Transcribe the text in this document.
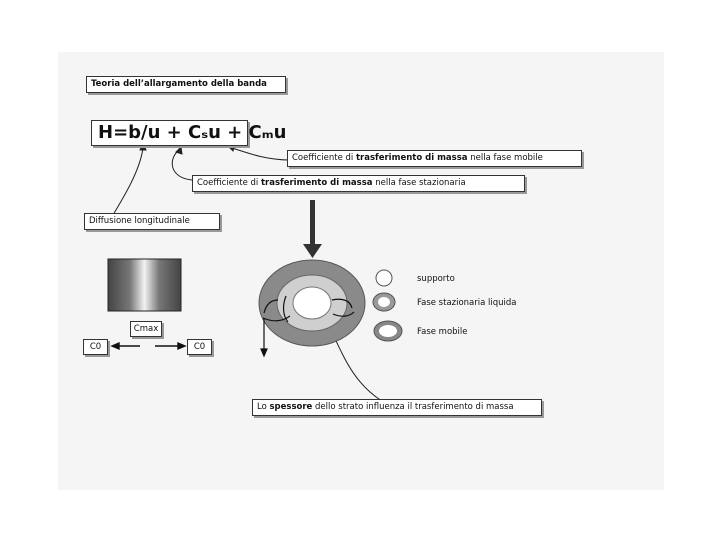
Teoria dell’allargamento della banda
H=b/u + Cₛu + Cₘu
Coefficiente di trasferimento di massa nella fase mobile
Coefficiente di trasferimento di massa nella fase stazionaria
Diffusione longitudinale
Cmax
C0	C0
supporto
Fase stazionaria liquida
Fase mobile
Lo spessore dello strato influenza il trasferimento di massa
